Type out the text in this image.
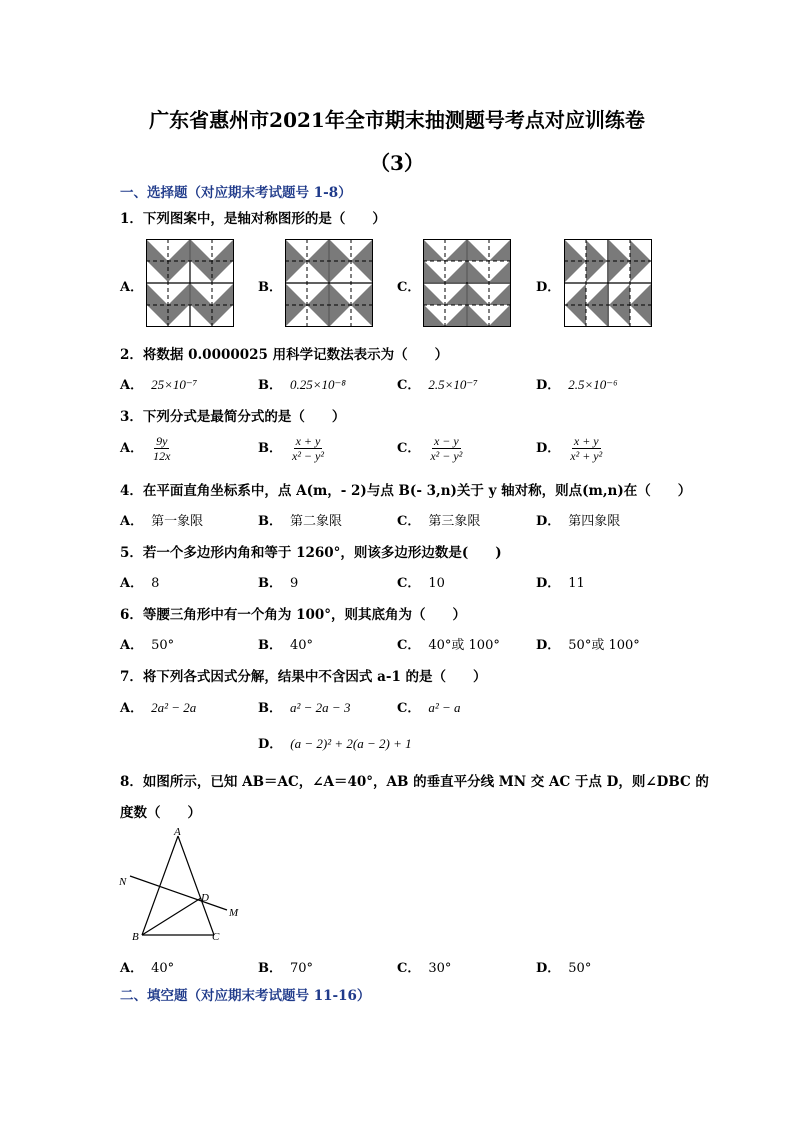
广东省惠州市2021年全市期末抽测题号考点对应训练卷
（3）
一、选择题（对应期末考试题号 1-8）
1．下列图案中，是轴对称图形的是（　　）
A．	B．	C．	D．
2．将数据 0.0000025 用科学记数法表示为（　　）
A． 25×10⁻⁷	B． 0.25×10⁻⁸	C． 2.5×10⁻⁷	D． 2.5×10⁻⁶
3．下列分式是最简分式的是（　　）
A． $\frac{9y}{12x}$	B． $\frac{x + y}{\text{x² − y²}}$	C． $\frac{x - y}{\text{x² − y²}}$	D． $\frac{x + y}{\text{x² + y²}}$
4．在平面直角坐标系中，点 A(m，- 2)与点 B(- 3,n)关于 y 轴对称，则点(m,n)在（　　）
A． 第一象限	B． 第二象限	C． 第三象限	D． 第四象限
5．若一个多边形内角和等于 1260°，则该多边形边数是(　　)
A． 8	B． 9	C． 10	D． 11
6．等腰三角形中有一个角为 100°，则其底角为（　　）
A． 50°	B． 40°	C． 40°或 100°	D． 50°或 100°
7．将下列各式因式分解，结果中不含因式 a-1 的是（　　）
A． 2a² − 2a	B． a² − 2a − 3	C． a² − a
D． (a − 2)² + 2(a − 2) + 1
8．如图所示，已知 AB＝AC，∠A＝40°，AB 的垂直平分线 MN 交 AC 于点 D，则∠DBC 的
度数（　　）
A
B	C
D
M
N
A． 40°	B． 70°	C． 30°	D． 50°
二、填空题（对应期末考试题号 11-16）
